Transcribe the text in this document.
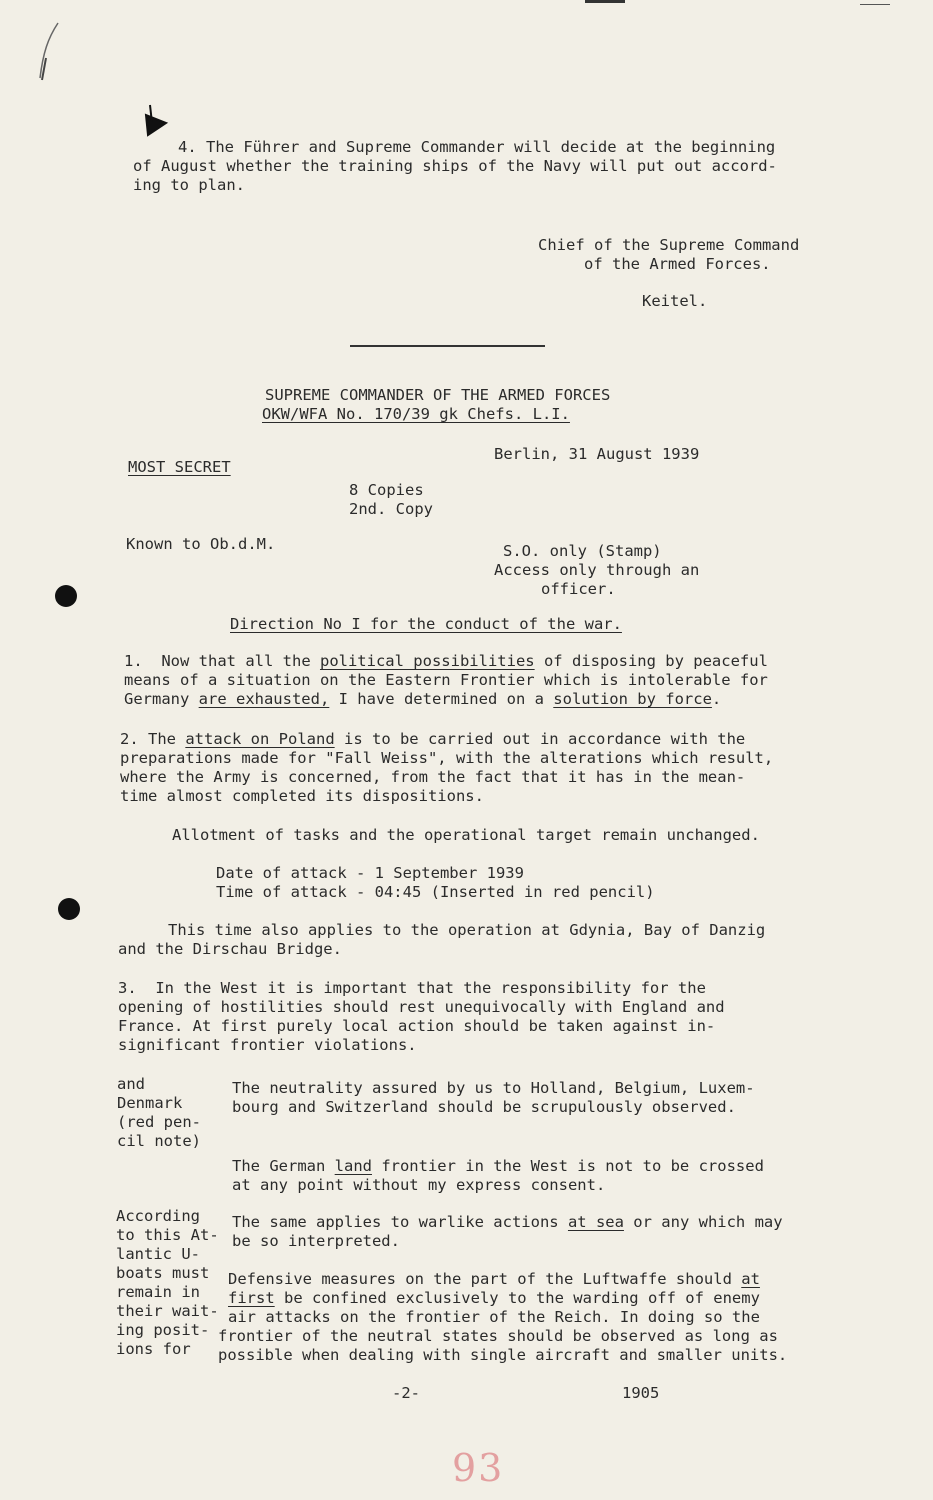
4. The Führer and Supreme Commander will decide at the beginning
of August whether the training ships of the Navy will put out accord-
ing to plan.
Chief of the Supreme Command
of the Armed Forces.
Keitel.
SUPREME COMMANDER OF THE ARMED FORCES
OKW/WFA No. 170/39 gk Chefs. L.I.
Berlin, 31 August 1939
MOST SECRET
8 Copies
2nd. Copy
Known to Ob.d.M.	S.O. only (Stamp)
Access only through an
officer.
Direction No I for the conduct of the war.
1. Now that all the political possibilities of disposing by peaceful
means of a situation on the Eastern Frontier which is intolerable for
Germany are exhausted, I have determined on a solution by force.
2. The attack on Poland is to be carried out in accordance with the
preparations made for "Fall Weiss", with the alterations which result,
where the Army is concerned, from the fact that it has in the mean-
time almost completed its dispositions.
Allotment of tasks and the operational target remain unchanged.
Date of attack - 1 September 1939
Time of attack - 04:45 (Inserted in red pencil)
This time also applies to the operation at Gdynia, Bay of Danzig
and the Dirschau Bridge.
3. In the West it is important that the responsibility for the
opening of hostilities should rest unequivocally with England and
France. At first purely local action should be taken against in-
significant frontier violations.
and
Denmark
(red pen-
cil note)
The neutrality assured by us to Holland, Belgium, Luxem-
bourg and Switzerland should be scrupulously observed.
The German land frontier in the West is not to be crossed
at any point without my express consent.
According
to this At-
lantic U-
boats must
remain in
their wait-
ing posit-
ions for
The same applies to warlike actions at sea or any which may
be so interpreted.
Defensive measures on the part of the Luftwaffe should at
first be confined exclusively to the warding off of enemy
air attacks on the frontier of the Reich. In doing so the
frontier of the neutral states should be observed as long as
possible when dealing with single aircraft and smaller units.
-2-	1905
93
